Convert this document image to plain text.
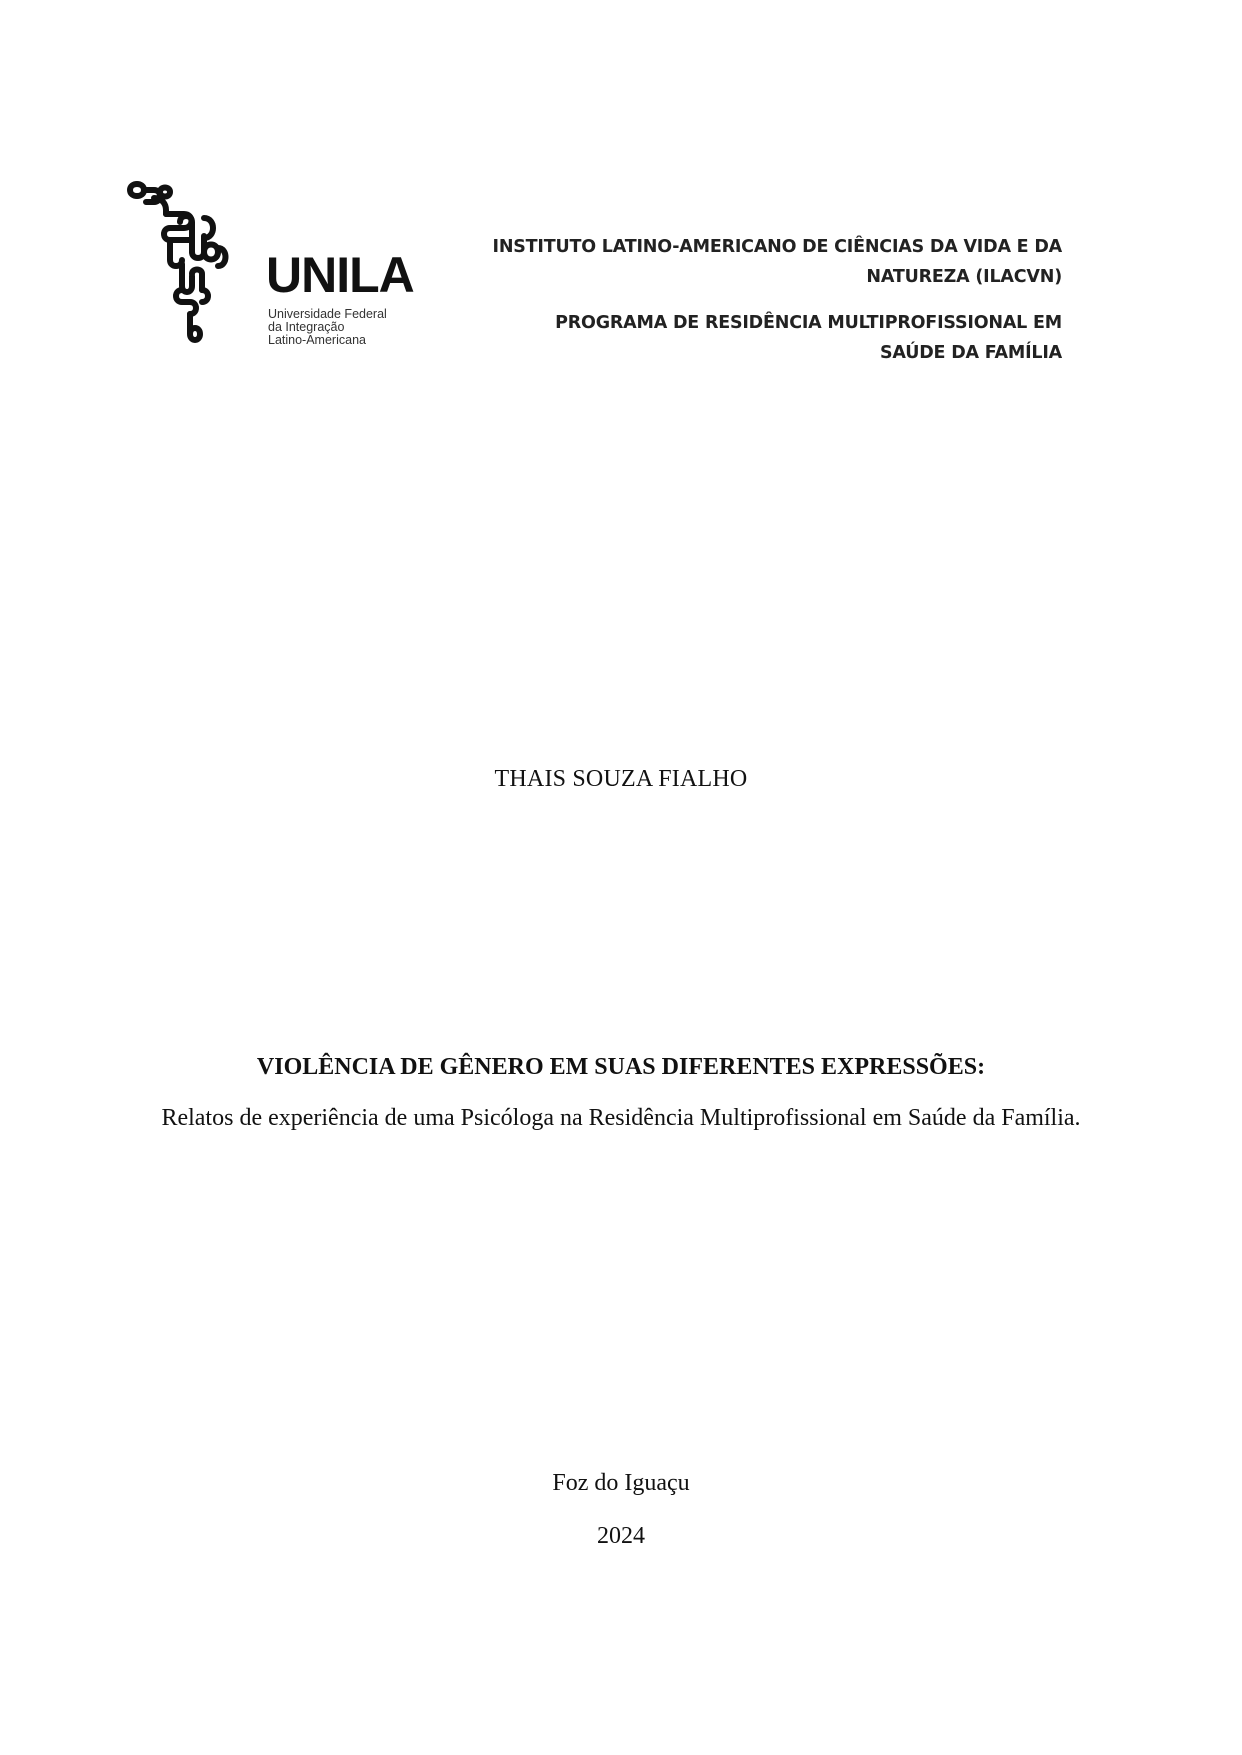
UNILA
Universidade Federal
da Integração
Latino-Americana
INSTITUTO LATINO-AMERICANO DE CIÊNCIAS DA VIDA E DA
NATUREZA (ILACVN)
PROGRAMA DE RESIDÊNCIA MULTIPROFISSIONAL EM
SAÚDE DA FAMÍLIA
THAIS SOUZA FIALHO
VIOLÊNCIA DE GÊNERO EM SUAS DIFERENTES EXPRESSÕES:
Relatos de experiência de uma Psicóloga na Residência Multiprofissional em Saúde da Família.
Foz do Iguaçu
2024
